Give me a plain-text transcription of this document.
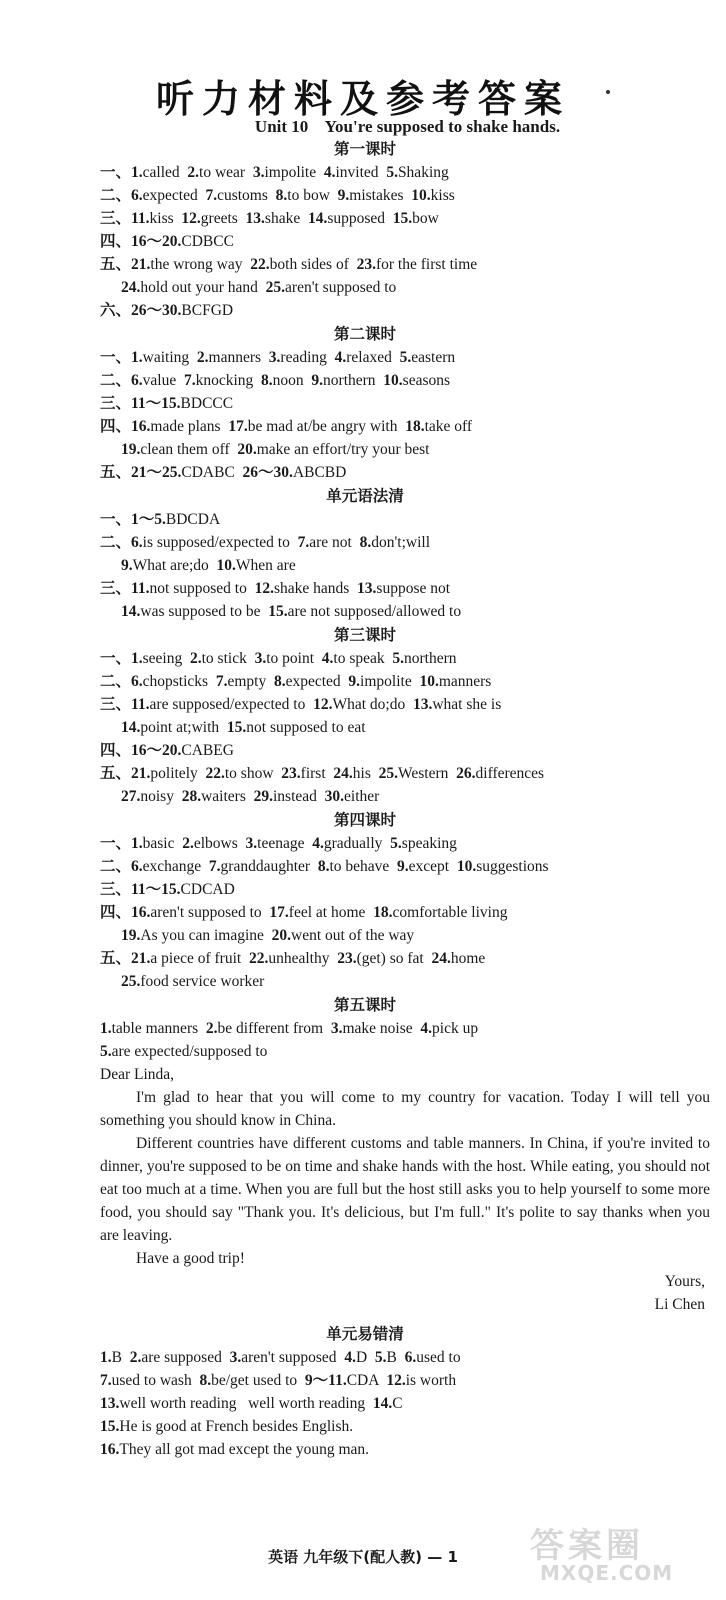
听力材料及参考答案
Unit 10    You're supposed to shake hands.
第一课时
一、1.called  2.to wear  3.impolite  4.invited  5.Shaking
二、6.expected  7.customs  8.to bow  9.mistakes  10.kiss
三、11.kiss  12.greets  13.shake  14.supposed  15.bow
四、16～20.CDBCC
五、21.the wrong way  22.both sides of  23.for the first time
24.hold out your hand  25.aren't supposed to
六、26～30.BCFGD
第二课时
一、1.waiting  2.manners  3.reading  4.relaxed  5.eastern
二、6.value  7.knocking  8.noon  9.northern  10.seasons
三、11～15.BDCCC
四、16.made plans  17.be mad at/be angry with  18.take off
19.clean them off  20.make an effort/try your best
五、21～25.CDABC  26～30.ABCBD
单元语法清
一、1～5.BDCDA
二、6.is supposed/expected to  7.are not  8.don't;will
9.What are;do  10.When are
三、11.not supposed to  12.shake hands  13.suppose not
14.was supposed to be  15.are not supposed/allowed to
第三课时
一、1.seeing  2.to stick  3.to point  4.to speak  5.northern
二、6.chopsticks  7.empty  8.expected  9.impolite  10.manners
三、11.are supposed/expected to  12.What do;do  13.what she is
14.point at;with  15.not supposed to eat
四、16～20.CABEG
五、21.politely  22.to show  23.first  24.his  25.Western  26.differences
27.noisy  28.waiters  29.instead  30.either
第四课时
一、1.basic  2.elbows  3.teenage  4.gradually  5.speaking
二、6.exchange  7.granddaughter  8.to behave  9.except  10.suggestions
三、11～15.CDCAD
四、16.aren't supposed to  17.feel at home  18.comfortable living
19.As you can imagine  20.went out of the way
五、21.a piece of fruit  22.unhealthy  23.(get) so fat  24.home
25.food service worker
第五课时
1.table manners  2.be different from  3.make noise  4.pick up
5.are expected/supposed to
Dear Linda,

I'm glad to hear that you will come to my country for vacation. Today I will tell you something you should know in China.

Different countries have different customs and table manners. In China, if you're invited to dinner, you're supposed to be on time and shake hands with the host. While eating, you should not eat too much at a time. When you are full but the host still asks you to help yourself to some more food, you should say "Thank you. It's delicious, but I'm full." It's polite to say thanks when you are leaving.

Have a good trip!

Yours,
Li Chen
单元易错清
1.B  2.are supposed  3.aren't supposed  4.D  5.B  6.used to
7.used to wash  8.be/get used to  9～11.CDA  12.is worth
13.well worth reading   well worth reading  14.C
15.He is good at French besides English.
16.They all got mad except the young man.
英语 九年级下(配人教) — 1	答案圈
MXQE.COM
